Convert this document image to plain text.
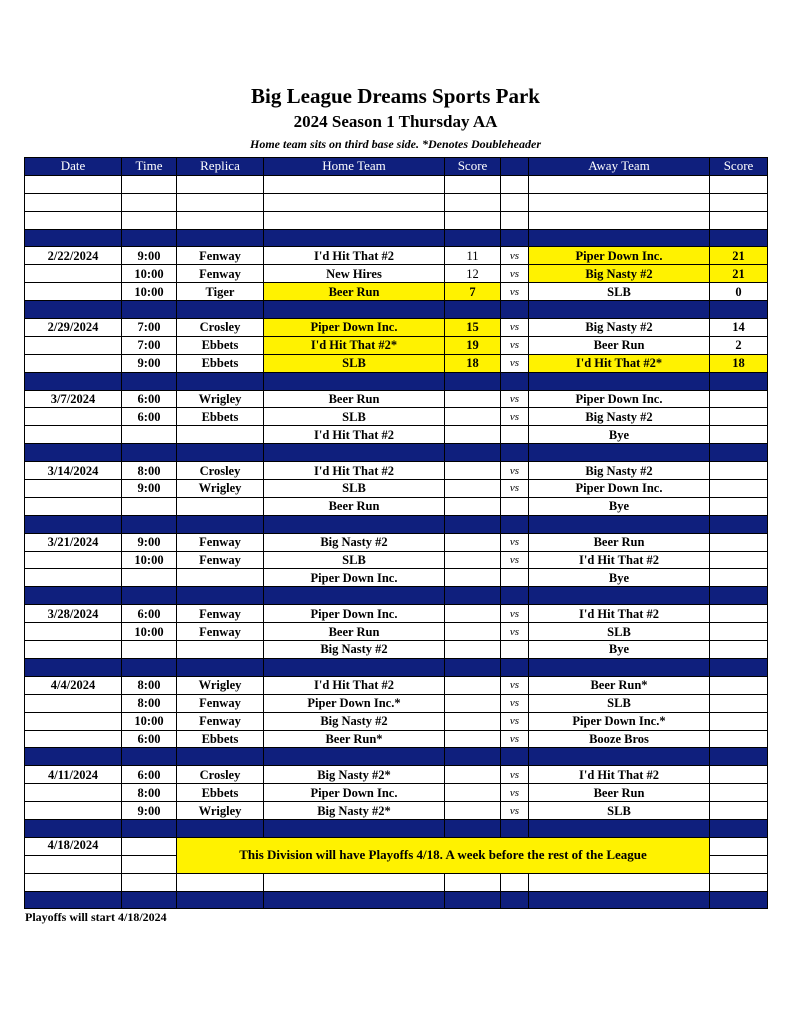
Big League Dreams Sports Park
2024 Season 1 Thursday AA
Home team sits on third base side. *Denotes Doubleheader
Date	Time	Replica	Home Team	Score		Away Team	Score

2/22/2024	9:00	Fenway	I'd Hit That #2	11	vs	Piper Down Inc.	21
	10:00	Fenway	New Hires	12	vs	Big Nasty #2	21
	10:00	Tiger	Beer Run	7	vs	SLB	0

2/29/2024	7:00	Crosley	Piper Down Inc.	15	vs	Big Nasty #2	14
	7:00	Ebbets	I'd Hit That #2*	19	vs	Beer Run	2
	9:00	Ebbets	SLB	18	vs	I'd Hit That #2*	18

3/7/2024	6:00	Wrigley	Beer Run		vs	Piper Down Inc.	
	6:00	Ebbets	SLB		vs	Big Nasty #2	
			I'd Hit That #2			Bye	

3/14/2024	8:00	Crosley	I'd Hit That #2		vs	Big Nasty #2	
	9:00	Wrigley	SLB		vs	Piper Down Inc.	
			Beer Run			Bye	

3/21/2024	9:00	Fenway	Big Nasty #2		vs	Beer Run	
	10:00	Fenway	SLB		vs	I'd Hit That #2	
			Piper Down Inc.			Bye	

3/28/2024	6:00	Fenway	Piper Down Inc.		vs	I'd Hit That #2	
	10:00	Fenway	Beer Run		vs	SLB	
			Big Nasty #2			Bye	

4/4/2024	8:00	Wrigley	I'd Hit That #2		vs	Beer Run*	
	8:00	Fenway	Piper Down Inc.*		vs	SLB	
	10:00	Fenway	Big Nasty #2		vs	Piper Down Inc.*	
	6:00	Ebbets	Beer Run*		vs	Booze Bros	

4/11/2024	6:00	Crosley	Big Nasty #2*		vs	I'd Hit That #2	
	8:00	Ebbets	Piper Down Inc.		vs	Beer Run	
	9:00	Wrigley	Big Nasty #2*		vs	SLB	

4/18/2024		This Division will have Playoffs 4/18. A week before the rest of the League					

Playoffs will start 4/18/2024
